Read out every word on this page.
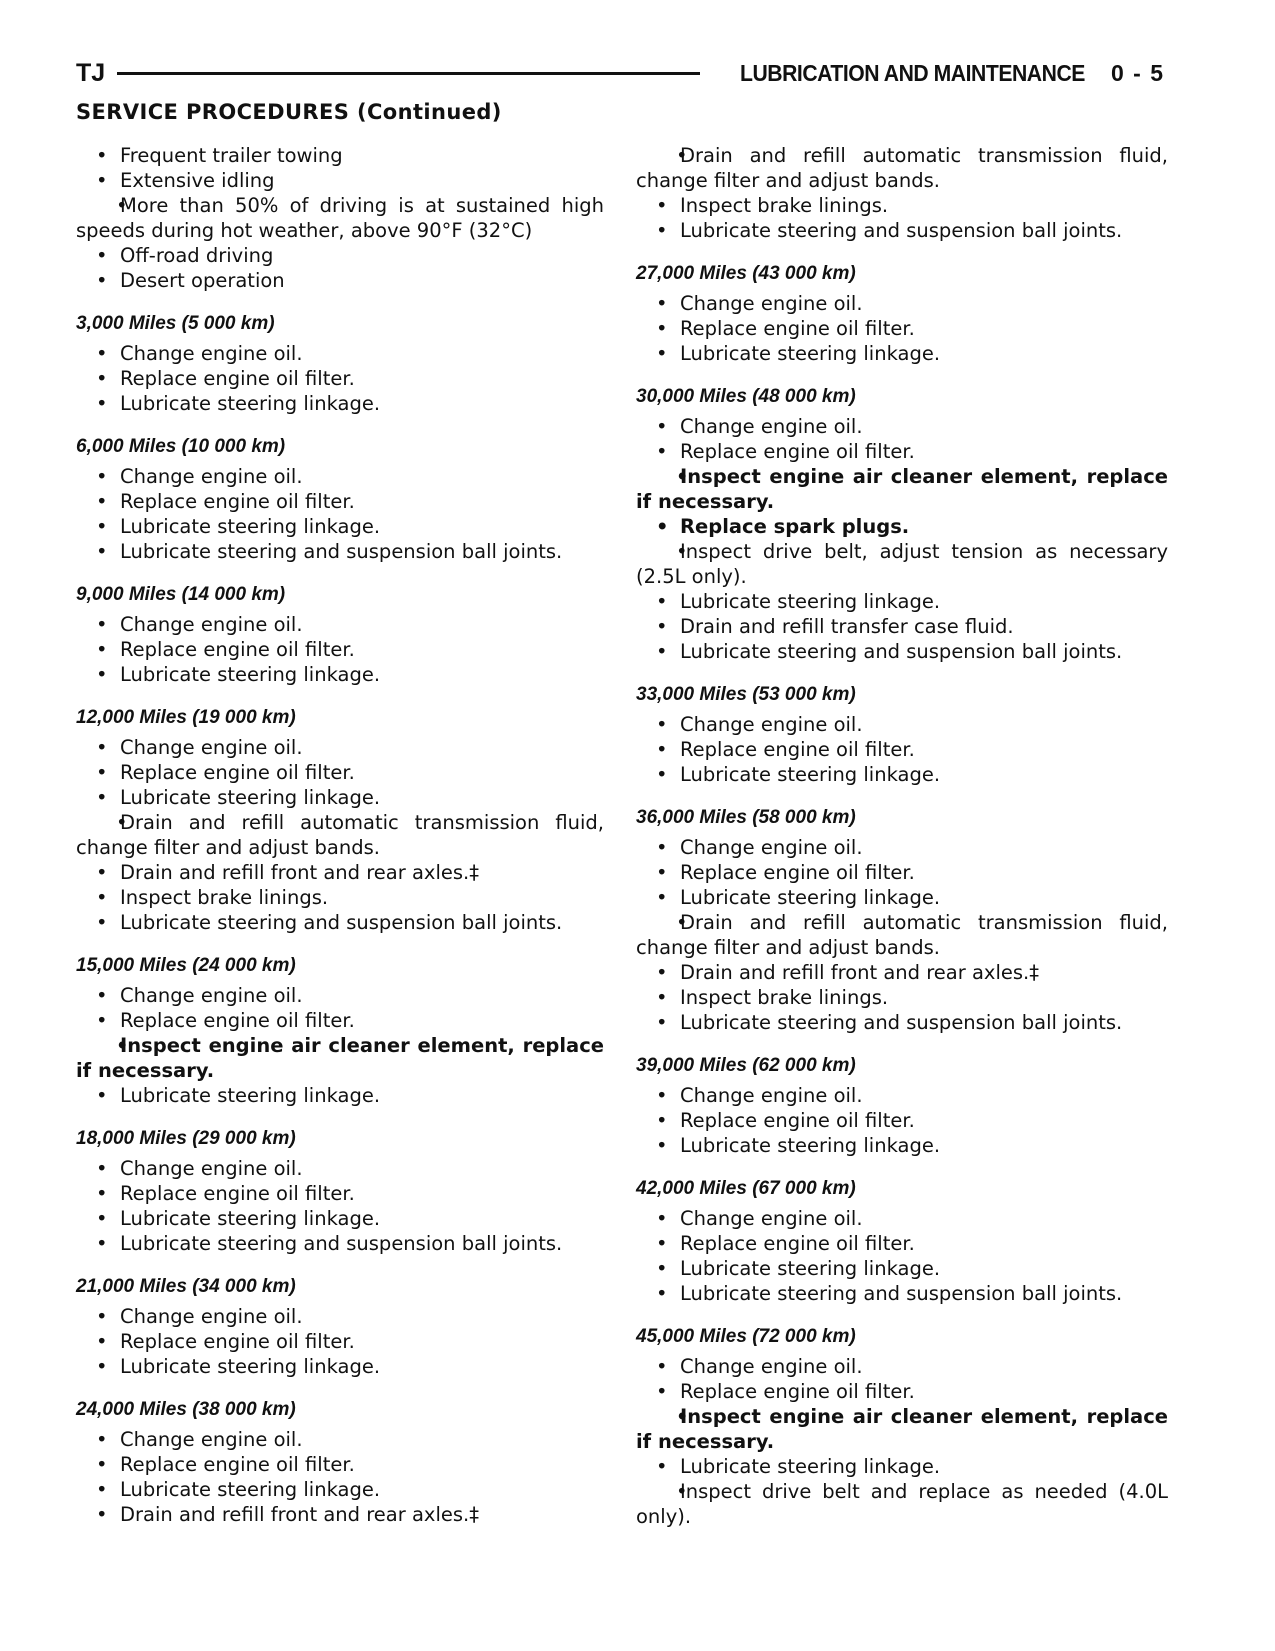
TJ	LUBRICATION AND MAINTENANCE 0 - 5
SERVICE PROCEDURES (Continued)

• Frequent trailer towing

• Extensive idling

• More than 50% of driving is at sustained high speeds during hot weather, above 90°F (32°C)

• Off-road driving

• Desert operation

3,000 Miles (5 000 km)

• Change engine oil.

• Replace engine oil filter.

• Lubricate steering linkage.

6,000 Miles (10 000 km)

• Change engine oil.

• Replace engine oil filter.

• Lubricate steering linkage.

• Lubricate steering and suspension ball joints.

9,000 Miles (14 000 km)

• Change engine oil.

• Replace engine oil filter.

• Lubricate steering linkage.

12,000 Miles (19 000 km)

• Change engine oil.

• Replace engine oil filter.

• Lubricate steering linkage.

• Drain and refill automatic transmission fluid, change filter and adjust bands.

• Drain and refill front and rear axles.‡

• Inspect brake linings.

• Lubricate steering and suspension ball joints.

15,000 Miles (24 000 km)

• Change engine oil.

• Replace engine oil filter.

• Inspect engine air cleaner element, replace if necessary.

• Lubricate steering linkage.

18,000 Miles (29 000 km)

• Change engine oil.

• Replace engine oil filter.

• Lubricate steering linkage.

• Lubricate steering and suspension ball joints.

21,000 Miles (34 000 km)

• Change engine oil.

• Replace engine oil filter.

• Lubricate steering linkage.

24,000 Miles (38 000 km)

• Change engine oil.

• Replace engine oil filter.

• Lubricate steering linkage.

• Drain and refill front and rear axles.‡

• Drain and refill automatic transmission fluid, change filter and adjust bands.

• Inspect brake linings.

• Lubricate steering and suspension ball joints.

27,000 Miles (43 000 km)

• Change engine oil.

• Replace engine oil filter.

• Lubricate steering linkage.

30,000 Miles (48 000 km)

• Change engine oil.

• Replace engine oil filter.

• Inspect engine air cleaner element, replace if necessary.

• Replace spark plugs.

• Inspect drive belt, adjust tension as necessary (2.5L only).

• Lubricate steering linkage.

• Drain and refill transfer case fluid.

• Lubricate steering and suspension ball joints.

33,000 Miles (53 000 km)

• Change engine oil.

• Replace engine oil filter.

• Lubricate steering linkage.

36,000 Miles (58 000 km)

• Change engine oil.

• Replace engine oil filter.

• Lubricate steering linkage.

• Drain and refill automatic transmission fluid, change filter and adjust bands.

• Drain and refill front and rear axles.‡

• Inspect brake linings.

• Lubricate steering and suspension ball joints.

39,000 Miles (62 000 km)

• Change engine oil.

• Replace engine oil filter.

• Lubricate steering linkage.

42,000 Miles (67 000 km)

• Change engine oil.

• Replace engine oil filter.

• Lubricate steering linkage.

• Lubricate steering and suspension ball joints.

45,000 Miles (72 000 km)

• Change engine oil.

• Replace engine oil filter.

• Inspect engine air cleaner element, replace if necessary.

• Lubricate steering linkage.

• Inspect drive belt and replace as needed (4.0L only).
